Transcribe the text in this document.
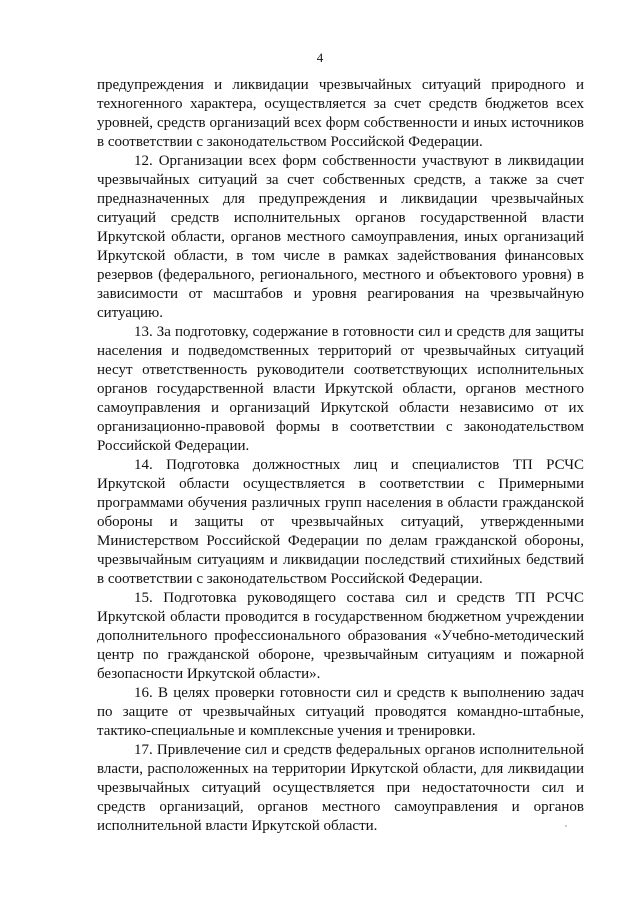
4

предупреждения и ликвидации чрезвычайных ситуаций природного и техногенного характера, осуществляется за счет средств бюджетов всех уровней, средств организаций всех форм собственности и иных источников в соответствии с законодательством Российской Федерации.

12. Организации всех форм собственности участвуют в ликвидации чрезвычайных ситуаций за счет собственных средств, а также за счет предназначенных для предупреждения и ликвидации чрезвычайных ситуаций средств исполнительных органов государственной власти Иркутской области, органов местного самоуправления, иных организаций Иркутской области, в том числе в рамках задействования финансовых резервов (федерального, регионального, местного и объектового уровня) в зависимости от масштабов и уровня реагирования на чрезвычайную ситуацию.

13. За подготовку, содержание в готовности сил и средств для защиты населения и подведомственных территорий от чрезвычайных ситуаций несут ответственность руководители соответствующих исполнительных органов государственной власти Иркутской области, органов местного самоуправления и организаций Иркутской области независимо от их организационно-правовой формы в соответствии с законодательством Российской Федерации.

14. Подготовка должностных лиц и специалистов ТП РСЧС Иркутской области осуществляется в соответствии с Примерными программами обучения различных групп населения в области гражданской обороны и защиты от чрезвычайных ситуаций, утвержденными Министерством Российской Федерации по делам гражданской обороны, чрезвычайным ситуациям и ликвидации последствий стихийных бедствий в соответствии с законодательством Российской Федерации.

15. Подготовка руководящего состава сил и средств ТП РСЧС Иркутской области проводится в государственном бюджетном учреждении дополнительного профессионального образования «Учебно-методический центр по гражданской обороне, чрезвычайным ситуациям и пожарной безопасности Иркутской области».

16. В целях проверки готовности сил и средств к выполнению задач по защите от чрезвычайных ситуаций проводятся командно-штабные, тактико-специальные и комплексные учения и тренировки.

17. Привлечение сил и средств федеральных органов исполнительной власти, расположенных на территории Иркутской области, для ликвидации чрезвычайных ситуаций осуществляется при недостаточности сил и средств организаций, органов местного самоуправления и органов исполнительной власти Иркутской области.
